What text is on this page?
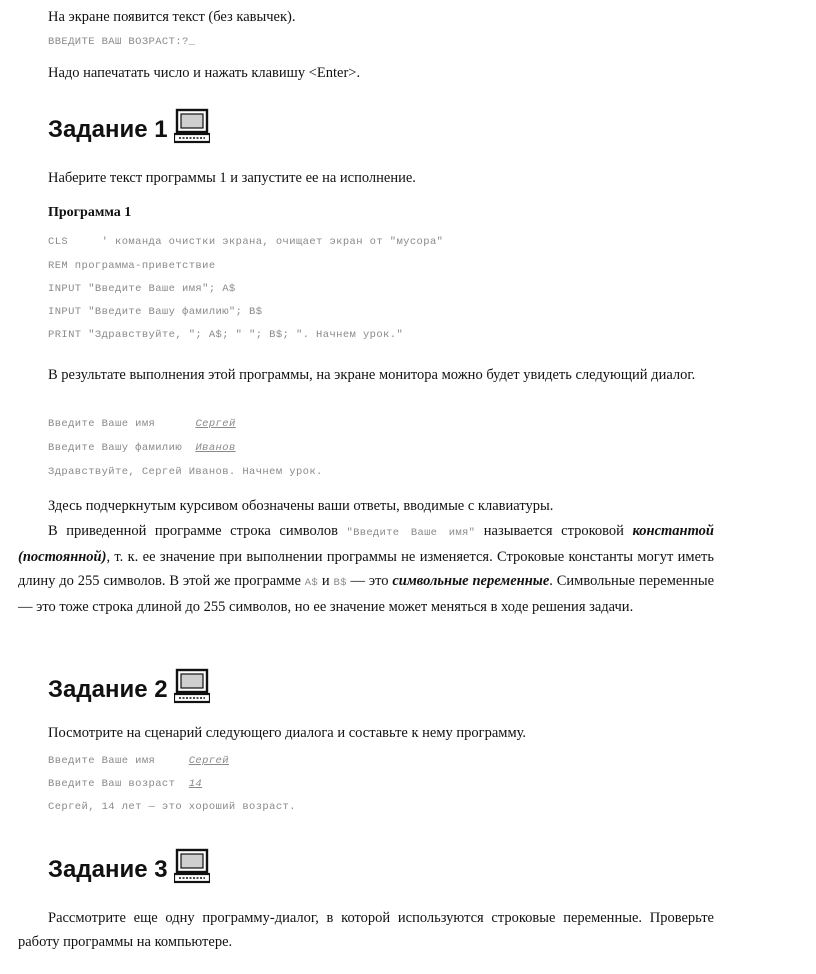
На экране появится текст (без кавычек).

ВВЕДИТЕ ВАШ ВОЗРАСТ:?_

Надо напечатать число и нажать клавишу <Enter>.

Задание 1

Наберите текст программы 1 и запустите ее на исполнение.

Программа 1

CLS     ' команда очистки экрана, очищает экран от "мусора"

REM программа-приветствие

INPUT "Введите Ваше имя"; A$

INPUT "Введите Вашу фамилию"; B$

PRINT "Здравствуйте, "; A$; " "; B$; ". Начнем урок."

В результате выполнения этой программы, на экране монитора можно будет увидеть следующий диалог.

Введите Ваше имя      Сергей

Введите Вашу фамилию  Иванов

Здравствуйте, Сергей Иванов. Начнем урок.

Здесь подчеркнутым курсивом обозначены ваши ответы, вводимые с клавиатуры.

В приведенной программе строка символов "Введите Ваше имя" называется строковой константой (постоянной), т. к. ее значение при выполнении программы не изменяется. Строковые константы могут иметь длину до 255 символов. В этой же программе A$ и B$ — это символьные переменные. Символьные переменные — это тоже строка длиной до 255 символов, но ее значение может меняться в ходе решения задачи.

Задание 2

Посмотрите на сценарий следующего диалога и составьте к нему программу.

Введите Ваше имя     Сергей

Введите Ваш возраст  14

Сергей, 14 лет — это хороший возраст.

Задание 3

Рассмотрите еще одну программу-диалог, в которой используются строковые переменные. Проверьте работу программы на компьютере.
